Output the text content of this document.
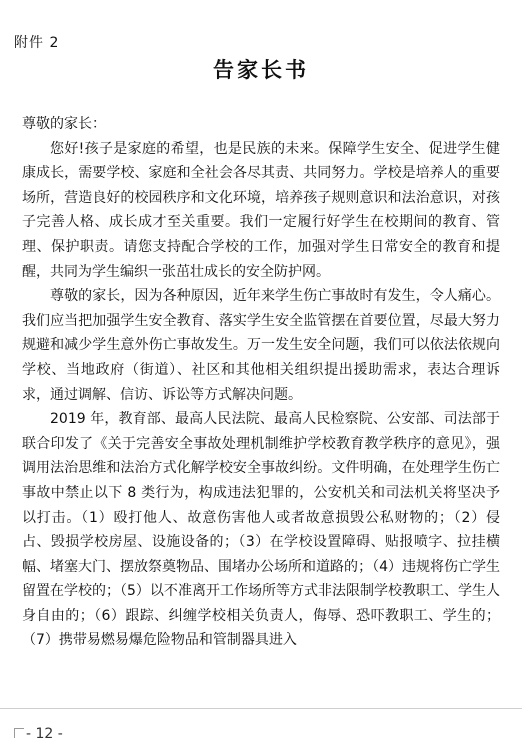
附件 2
告家长书

尊敬的家长：

您好!孩子是家庭的希望，也是民族的未来。保障学生安全、促进学生健康成长，需要学校、家庭和全社会各尽其责、共同努力。学校是培养人的重要场所，营造良好的校园秩序和文化环境，培养孩子规则意识和法治意识，对孩子完善人格、成长成才至关重要。我们一定履行好学生在校期间的教育、管理、保护职责。请您支持配合学校的工作，加强对学生日常安全的教育和提醒，共同为学生编织一张茁壮成长的安全防护网。

尊敬的家长，因为各种原因，近年来学生伤亡事故时有发生，令人痛心。我们应当把加强学生安全教育、落实学生安全监管摆在首要位置，尽最大努力规避和减少学生意外伤亡事故发生。万一发生安全问题，我们可以依法依规向学校、当地政府（街道）、社区和其他相关组织提出援助需求，表达合理诉求，通过调解、信访、诉讼等方式解决问题。

2019 年，教育部、最高人民法院、最高人民检察院、公安部、司法部于联合印发了《关于完善安全事故处理机制维护学校教育教学秩序的意见》，强调用法治思维和法治方式化解学校安全事故纠纷。文件明确，在处理学生伤亡事故中禁止以下 8 类行为，构成违法犯罪的，公安机关和司法机关将坚决予以打击。（1）殴打他人、故意伤害他人或者故意损毁公私财物的；（2）侵占、毁损学校房屋、设施设备的；（3）在学校设置障碍、贴报喷字、拉挂横幅、堵塞大门、摆放祭奠物品、围堵办公场所和道路的；（4）违规将伤亡学生留置在学校的；（5）以不准离开工作场所等方式非法限制学校教职工、学生人身自由的；（6）跟踪、纠缠学校相关负责人，侮辱、恐吓教职工、学生的；（7）携带易燃易爆危险物品和管制器具进入

- 12 -
